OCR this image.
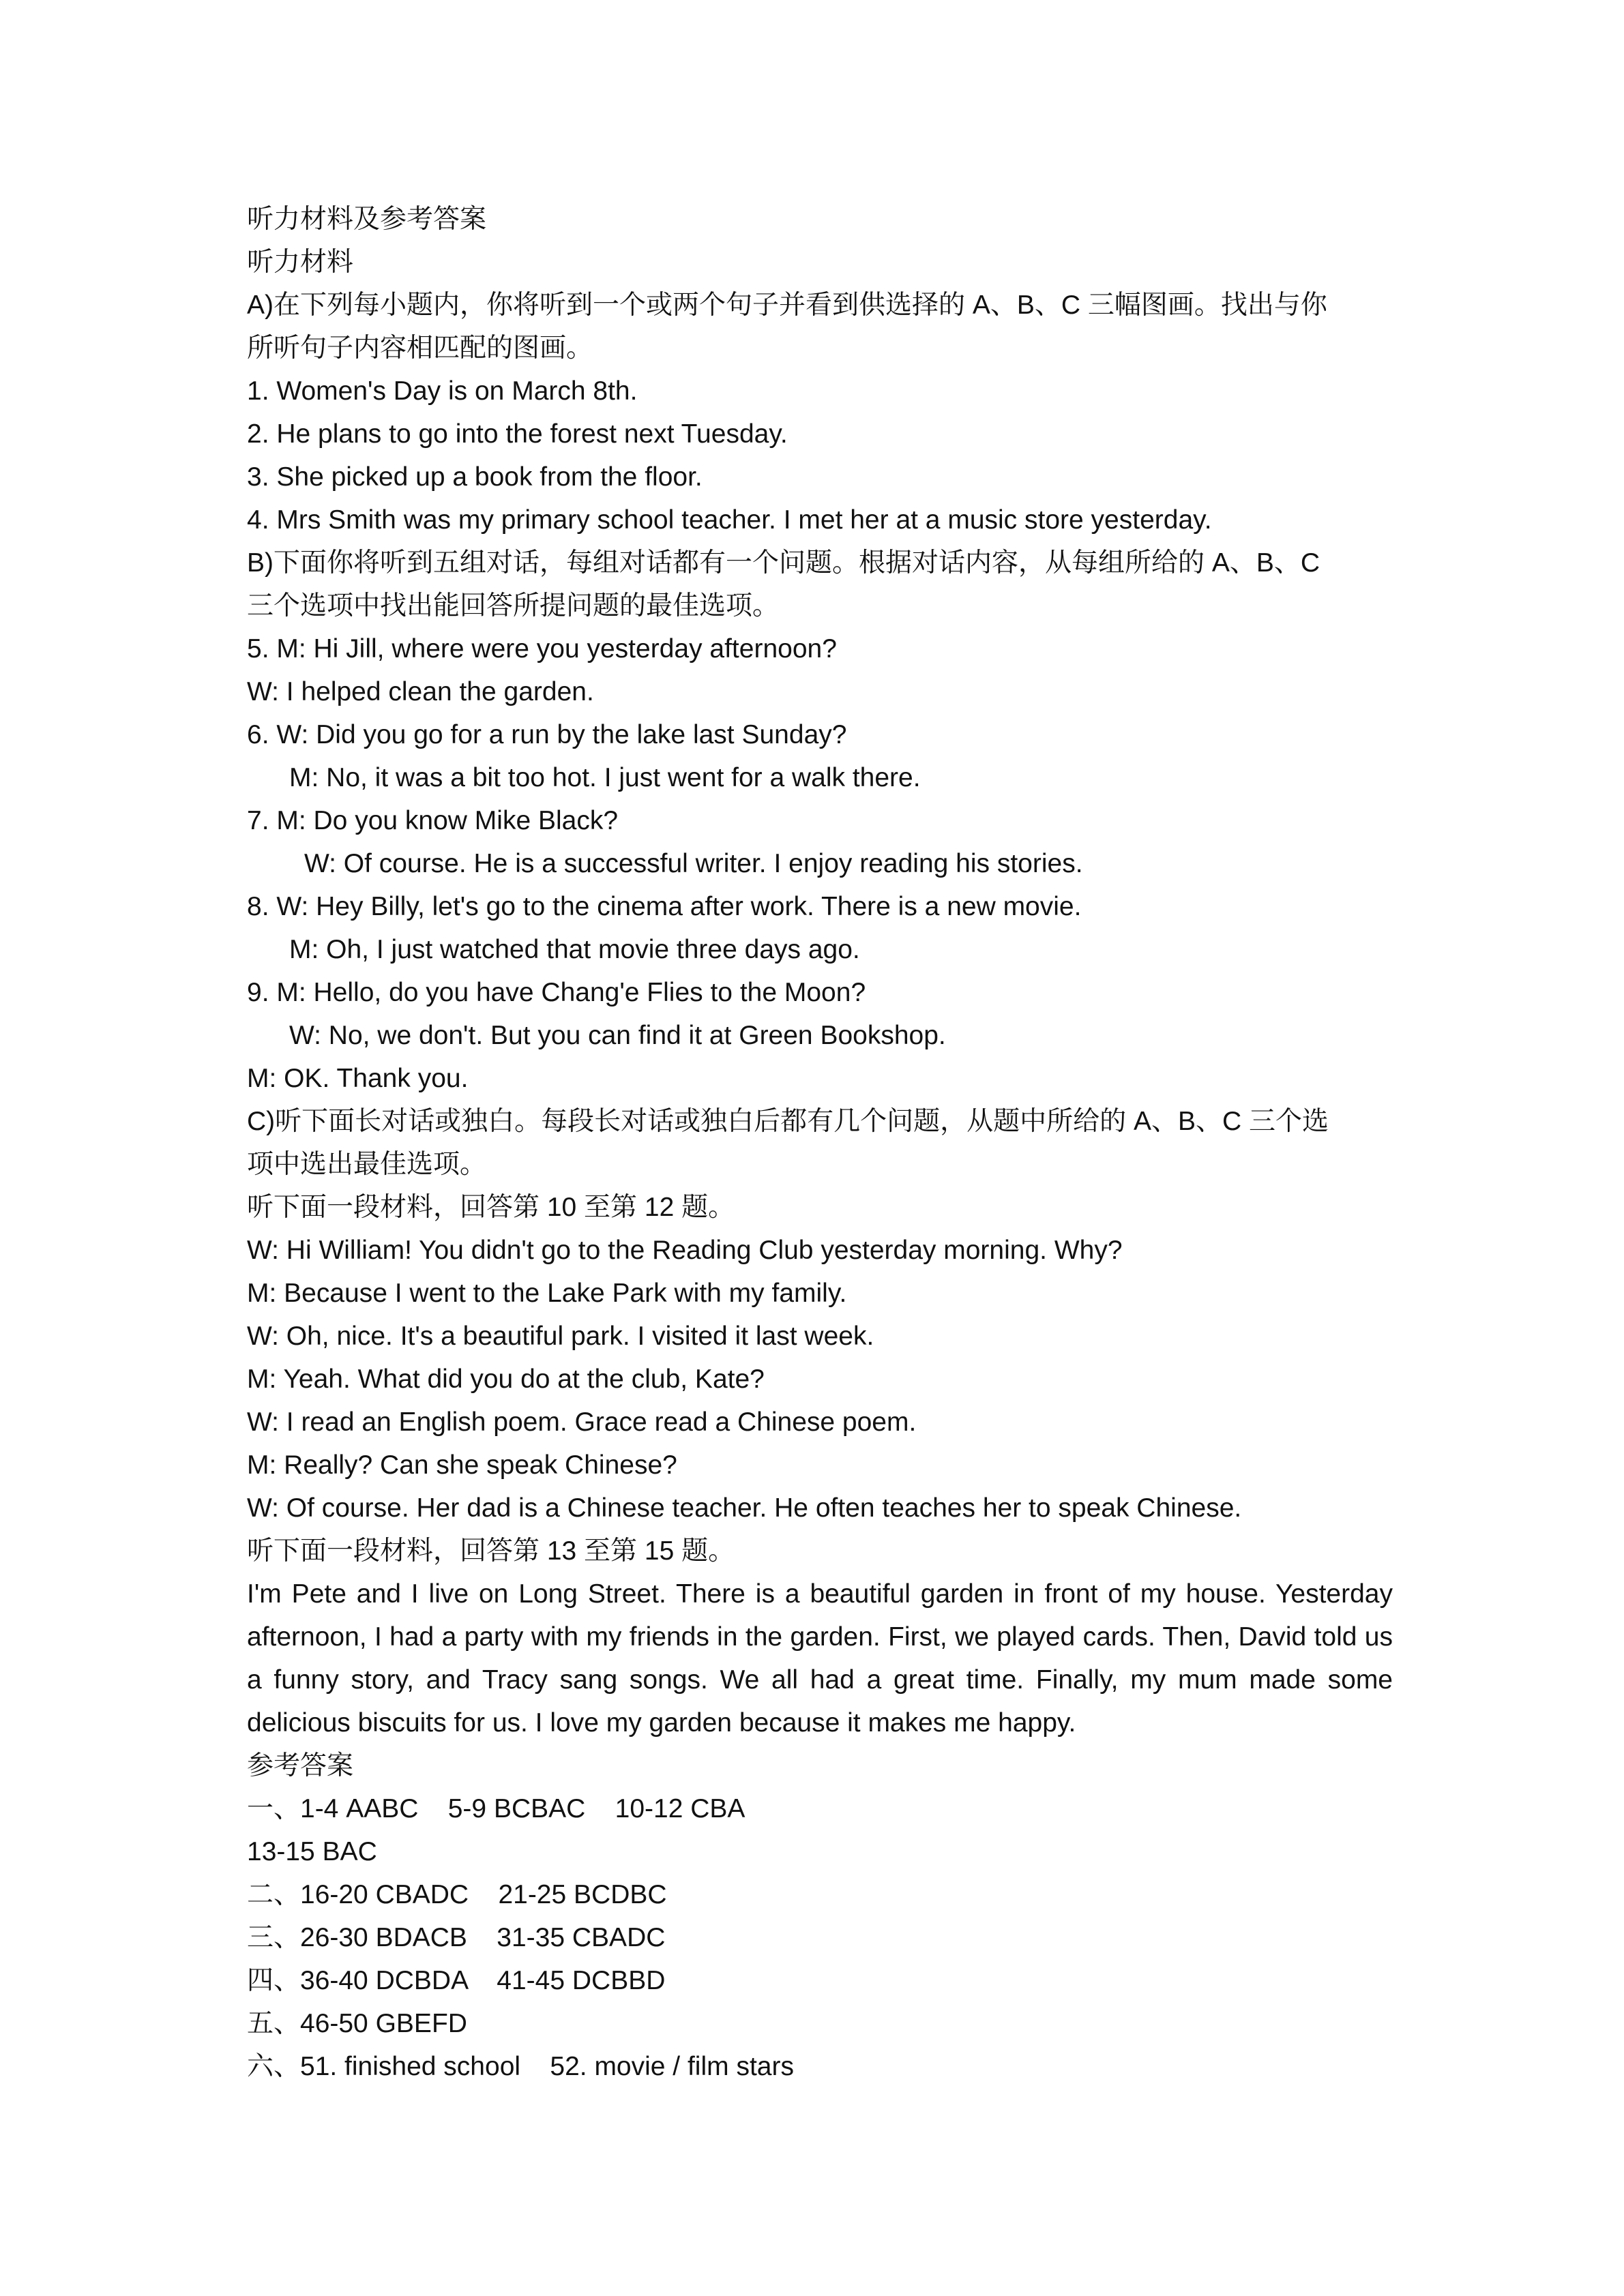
听力材料及参考答案

听力材料

A)在下列每小题内，你将听到一个或两个句子并看到供选择的 A、B、C 三幅图画。找出与你

所听句子内容相匹配的图画。

1. Women's Day is on March 8th.

2. He plans to go into the forest next Tuesday.

3. She picked up a book from the floor.

4. Mrs Smith was my primary school teacher. I met her at a music store yesterday.

B)下面你将听到五组对话，每组对话都有一个问题。根据对话内容，从每组所给的 A、B、C

三个选项中找出能回答所提问题的最佳选项。

5. M: Hi Jill, where were you yesterday afternoon?

W: I helped clean the garden.

6. W: Did you go for a run by the lake last Sunday?

M: No, it was a bit too hot. I just went for a walk there.

7. M: Do you know Mike Black?

W: Of course. He is a successful writer. I enjoy reading his stories.

8. W: Hey Billy, let's go to the cinema after work. There is a new movie.

M: Oh, I just watched that movie three days ago.

9. M: Hello, do you have Chang'e Flies to the Moon?

W: No, we don't. But you can find it at Green Bookshop.

M: OK. Thank you.

C)听下面长对话或独白。每段长对话或独白后都有几个问题，从题中所给的 A、B、C 三个选

项中选出最佳选项。

听下面一段材料，回答第 10 至第 12 题。

W: Hi William! You didn't go to the Reading Club yesterday morning. Why?

M: Because I went to the Lake Park with my family.

W: Oh, nice. It's a beautiful park. I visited it last week.

M: Yeah. What did you do at the club, Kate?

W: I read an English poem. Grace read a Chinese poem.

M: Really? Can she speak Chinese?

W: Of course. Her dad is a Chinese teacher. He often teaches her to speak Chinese.

听下面一段材料，回答第 13 至第 15 题。

I'm Pete and I live on Long Street. There is a beautiful garden in front of my house. Yesterday

afternoon, I had a party with my friends in the garden. First, we played cards. Then, David told us

a funny story, and Tracy sang songs. We all had a great time. Finally, my mum made some

delicious biscuits for us. I love my garden because it makes me happy.

参考答案

一、1-4 AABC    5-9 BCBAC    10-12 CBA

13-15 BAC

二、16-20 CBADC    21-25 BCDBC

三、26-30 BDACB    31-35 CBADC

四、36-40 DCBDA    41-45 DCBBD

五、46-50 GBEFD

六、51. finished school    52. movie / film stars
